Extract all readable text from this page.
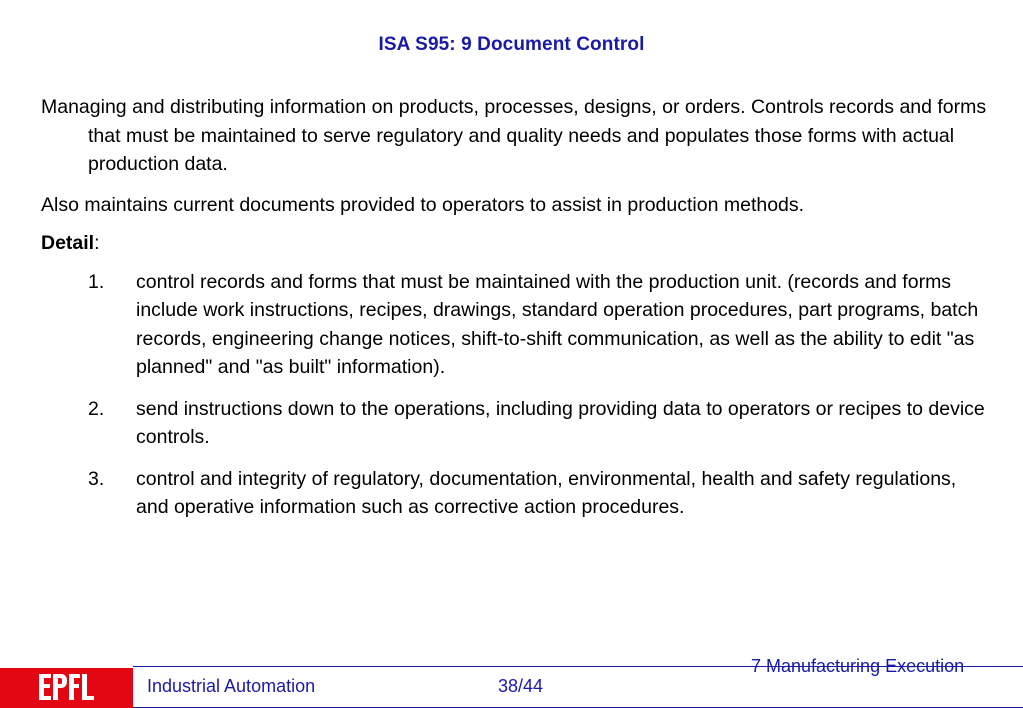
ISA S95: 9 Document Control

Managing and distributing information on products, processes, designs, or orders. Controls records and forms that must be maintained to serve regulatory and quality needs and populates those forms with actual production data.

Also maintains current documents provided to operators to assist in production methods.

Detail:

1. control records and forms that must be maintained with the production unit. (records and forms include work instructions, recipes, drawings, standard operation procedures, part programs, batch records, engineering change notices, shift-to-shift communication, as well as the ability to edit "as planned" and "as built" information).
2. send instructions down to the operations, including providing data to operators or recipes to device controls.
3. control and integrity of regulatory, documentation, environmental, health and safety regulations, and operative information such as corrective action procedures.
Industrial Automation	38/44
7 Manufacturing Execution
